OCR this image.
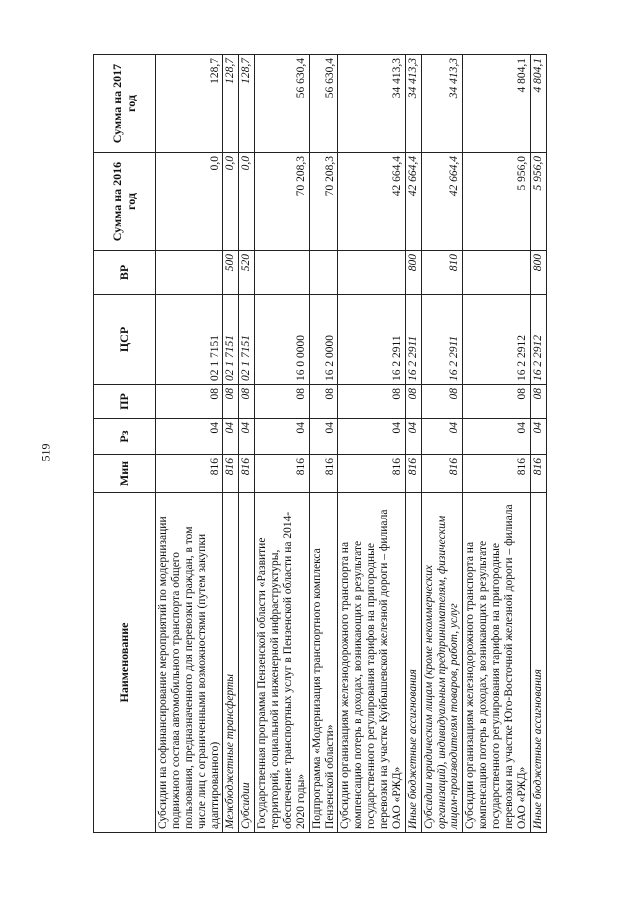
519
Наименование	Мин	Рз	ПР	ЦСР	ВР	Сумма на 2016 год	Сумма на 2017 год
Субсидии на софинансирование мероприятий по модернизации подвижного состава автомобильного транспорта общего пользования, предназначенного для перевозки граждан, в том числе лиц с ограниченными возможностями (путем закупки адаптированного)	816	04	08	02 1 7151		0,0	128,7
Межбюджетные трансферты	816	04	08	02 1 7151	500	0,0	128,7
Субсидии	816	04	08	02 1 7151	520	0,0	128,7
Государственная программа Пензенской области «Развитие территорий, социальной и инженерной инфраструктуры, обеспечение транспортных услуг в Пензенской области на 2014-2020 годы»	816	04	08	16 0 0000		70 208,3	56 630,4
Подпрограмма «Модернизация транспортного комплекса Пензенской области»	816	04	08	16 2 0000		70 208,3	56 630,4
Субсидии организациям железнодорожного транспорта на компенсацию потерь в доходах, возникающих в результате государственного регулирования тарифов на пригородные перевозки на участке Куйбышевской железной дороги – филиала ОАО «РЖД»	816	04	08	16 2 2911		42 664,4	34 413,3
Иные бюджетные ассигнования	816	04	08	16 2 2911	800	42 664,4	34 413,3
Субсидии юридическим лицам (кроме некоммерческих организаций), индивидуальным предпринимателям, физическим лицам-производителям товаров, работ, услуг	816	04	08	16 2 2911	810	42 664,4	34 413,3
Субсидии организациям железнодорожного транспорта на компенсацию потерь в доходах, возникающих в результате государственного регулирования тарифов на пригородные перевозки на участке Юго-Восточной железной дороги – филиала ОАО «РЖД»	816	04	08	16 2 2912		5 956,0	4 804,1
Иные бюджетные ассигнования	816	04	08	16 2 2912	800	5 956,0	4 804,1
